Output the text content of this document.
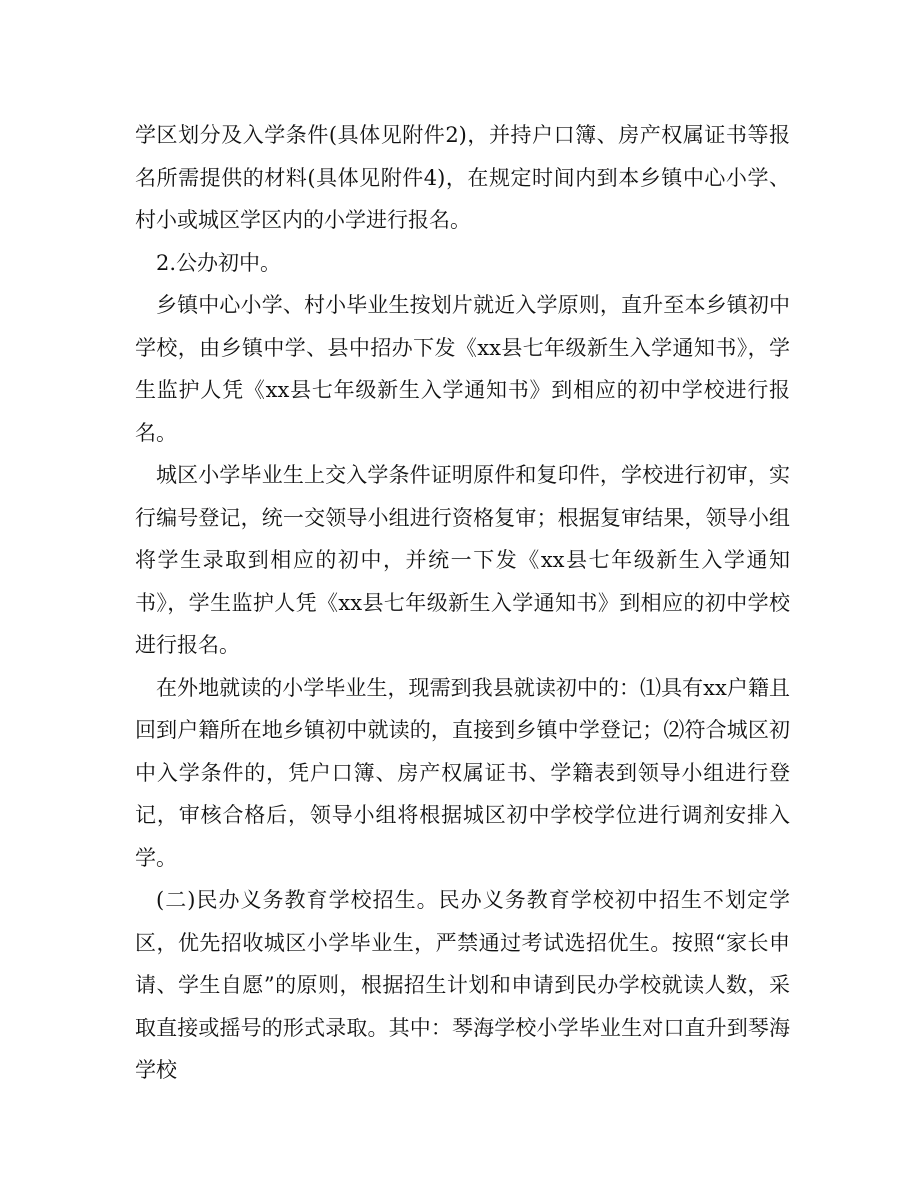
学区划分及入学条件(具体见附件2)，并持户口簿、房产权属证书等报名所需提供的材料(具体见附件4)，在规定时间内到本乡镇中心小学、村小或城区学区内的小学进行报名。

2.公办初中。

乡镇中心小学、村小毕业生按划片就近入学原则，直升至本乡镇初中学校，由乡镇中学、县中招办下发《xx县七年级新生入学通知书》，学生监护人凭《xx县七年级新生入学通知书》到相应的初中学校进行报名。

城区小学毕业生上交入学条件证明原件和复印件，学校进行初审，实行编号登记，统一交领导小组进行资格复审；根据复审结果，领导小组将学生录取到相应的初中，并统一下发《xx县七年级新生入学通知书》，学生监护人凭《xx县七年级新生入学通知书》到相应的初中学校进行报名。

在外地就读的小学毕业生，现需到我县就读初中的：⑴具有xx户籍且回到户籍所在地乡镇初中就读的，直接到乡镇中学登记；⑵符合城区初中入学条件的，凭户口簿、房产权属证书、学籍表到领导小组进行登记，审核合格后，领导小组将根据城区初中学校学位进行调剂安排入学。

(二)民办义务教育学校招生。民办义务教育学校初中招生不划定学区，优先招收城区小学毕业生，严禁通过考试选招优生。按照“家长申请、学生自愿”的原则，根据招生计划和申请到民办学校就读人数，采取直接或摇号的形式录取。其中：琴海学校小学毕业生对口直升到琴海学校
